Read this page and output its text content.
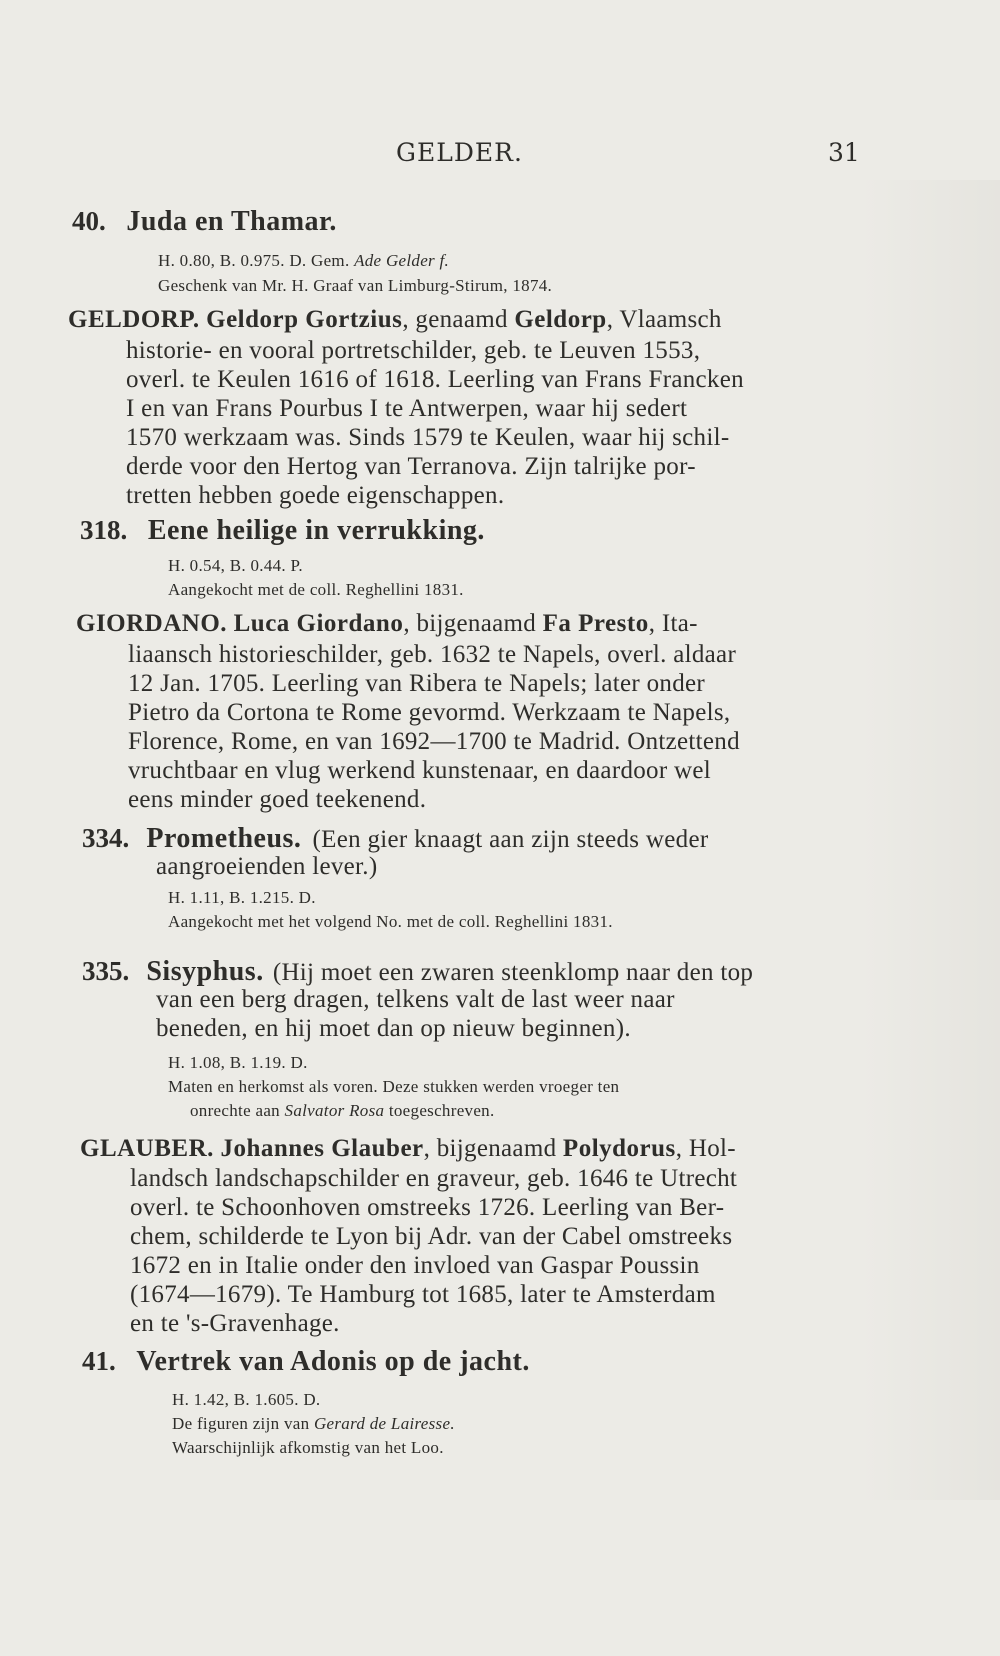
GELDER.	31
40. Juda en Thamar.
H. 0.80, B. 0.975. D. Gem. Ade Gelder f.
Geschenk van Mr. H. Graaf van Limburg-Stirum, 1874.
GELDORP. Geldorp Gortzius, genaamd Geldorp, Vlaamsch
historie- en vooral portretschilder, geb. te Leuven 1553,
overl. te Keulen 1616 of 1618. Leerling van Frans Francken
I en van Frans Pourbus I te Antwerpen, waar hij sedert
1570 werkzaam was. Sinds 1579 te Keulen, waar hij schil-
derde voor den Hertog van Terranova. Zijn talrijke por-
tretten hebben goede eigenschappen.
318. Eene heilige in verrukking.
H. 0.54, B. 0.44. P.
Aangekocht met de coll. Reghellini 1831.
GIORDANO. Luca Giordano, bijgenaamd Fa Presto, Ita-
liaansch historieschilder, geb. 1632 te Napels, overl. aldaar
12 Jan. 1705. Leerling van Ribera te Napels; later onder
Pietro da Cortona te Rome gevormd. Werkzaam te Napels,
Florence, Rome, en van 1692—1700 te Madrid. Ontzettend
vruchtbaar en vlug werkend kunstenaar, en daardoor wel
eens minder goed teekenend.
334. Prometheus. (Een gier knaagt aan zijn steeds weder
aangroeienden lever.)
H. 1.11, B. 1.215. D.
Aangekocht met het volgend No. met de coll. Reghellini 1831.
335. Sisyphus. (Hij moet een zwaren steenklomp naar den top
van een berg dragen, telkens valt de last weer naar
beneden, en hij moet dan op nieuw beginnen).
H. 1.08, B. 1.19. D.
Maten en herkomst als voren. Deze stukken werden vroeger ten
onrechte aan Salvator Rosa toegeschreven.
GLAUBER. Johannes Glauber, bijgenaamd Polydorus, Hol-
landsch landschapschilder en graveur, geb. 1646 te Utrecht
overl. te Schoonhoven omstreeks 1726. Leerling van Ber-
chem, schilderde te Lyon bij Adr. van der Cabel omstreeks
1672 en in Italie onder den invloed van Gaspar Poussin
(1674—1679). Te Hamburg tot 1685, later te Amsterdam
en te 's-Gravenhage.
41. Vertrek van Adonis op de jacht.
H. 1.42, B. 1.605. D.
De figuren zijn van Gerard de Lairesse.
Waarschijnlijk afkomstig van het Loo.
